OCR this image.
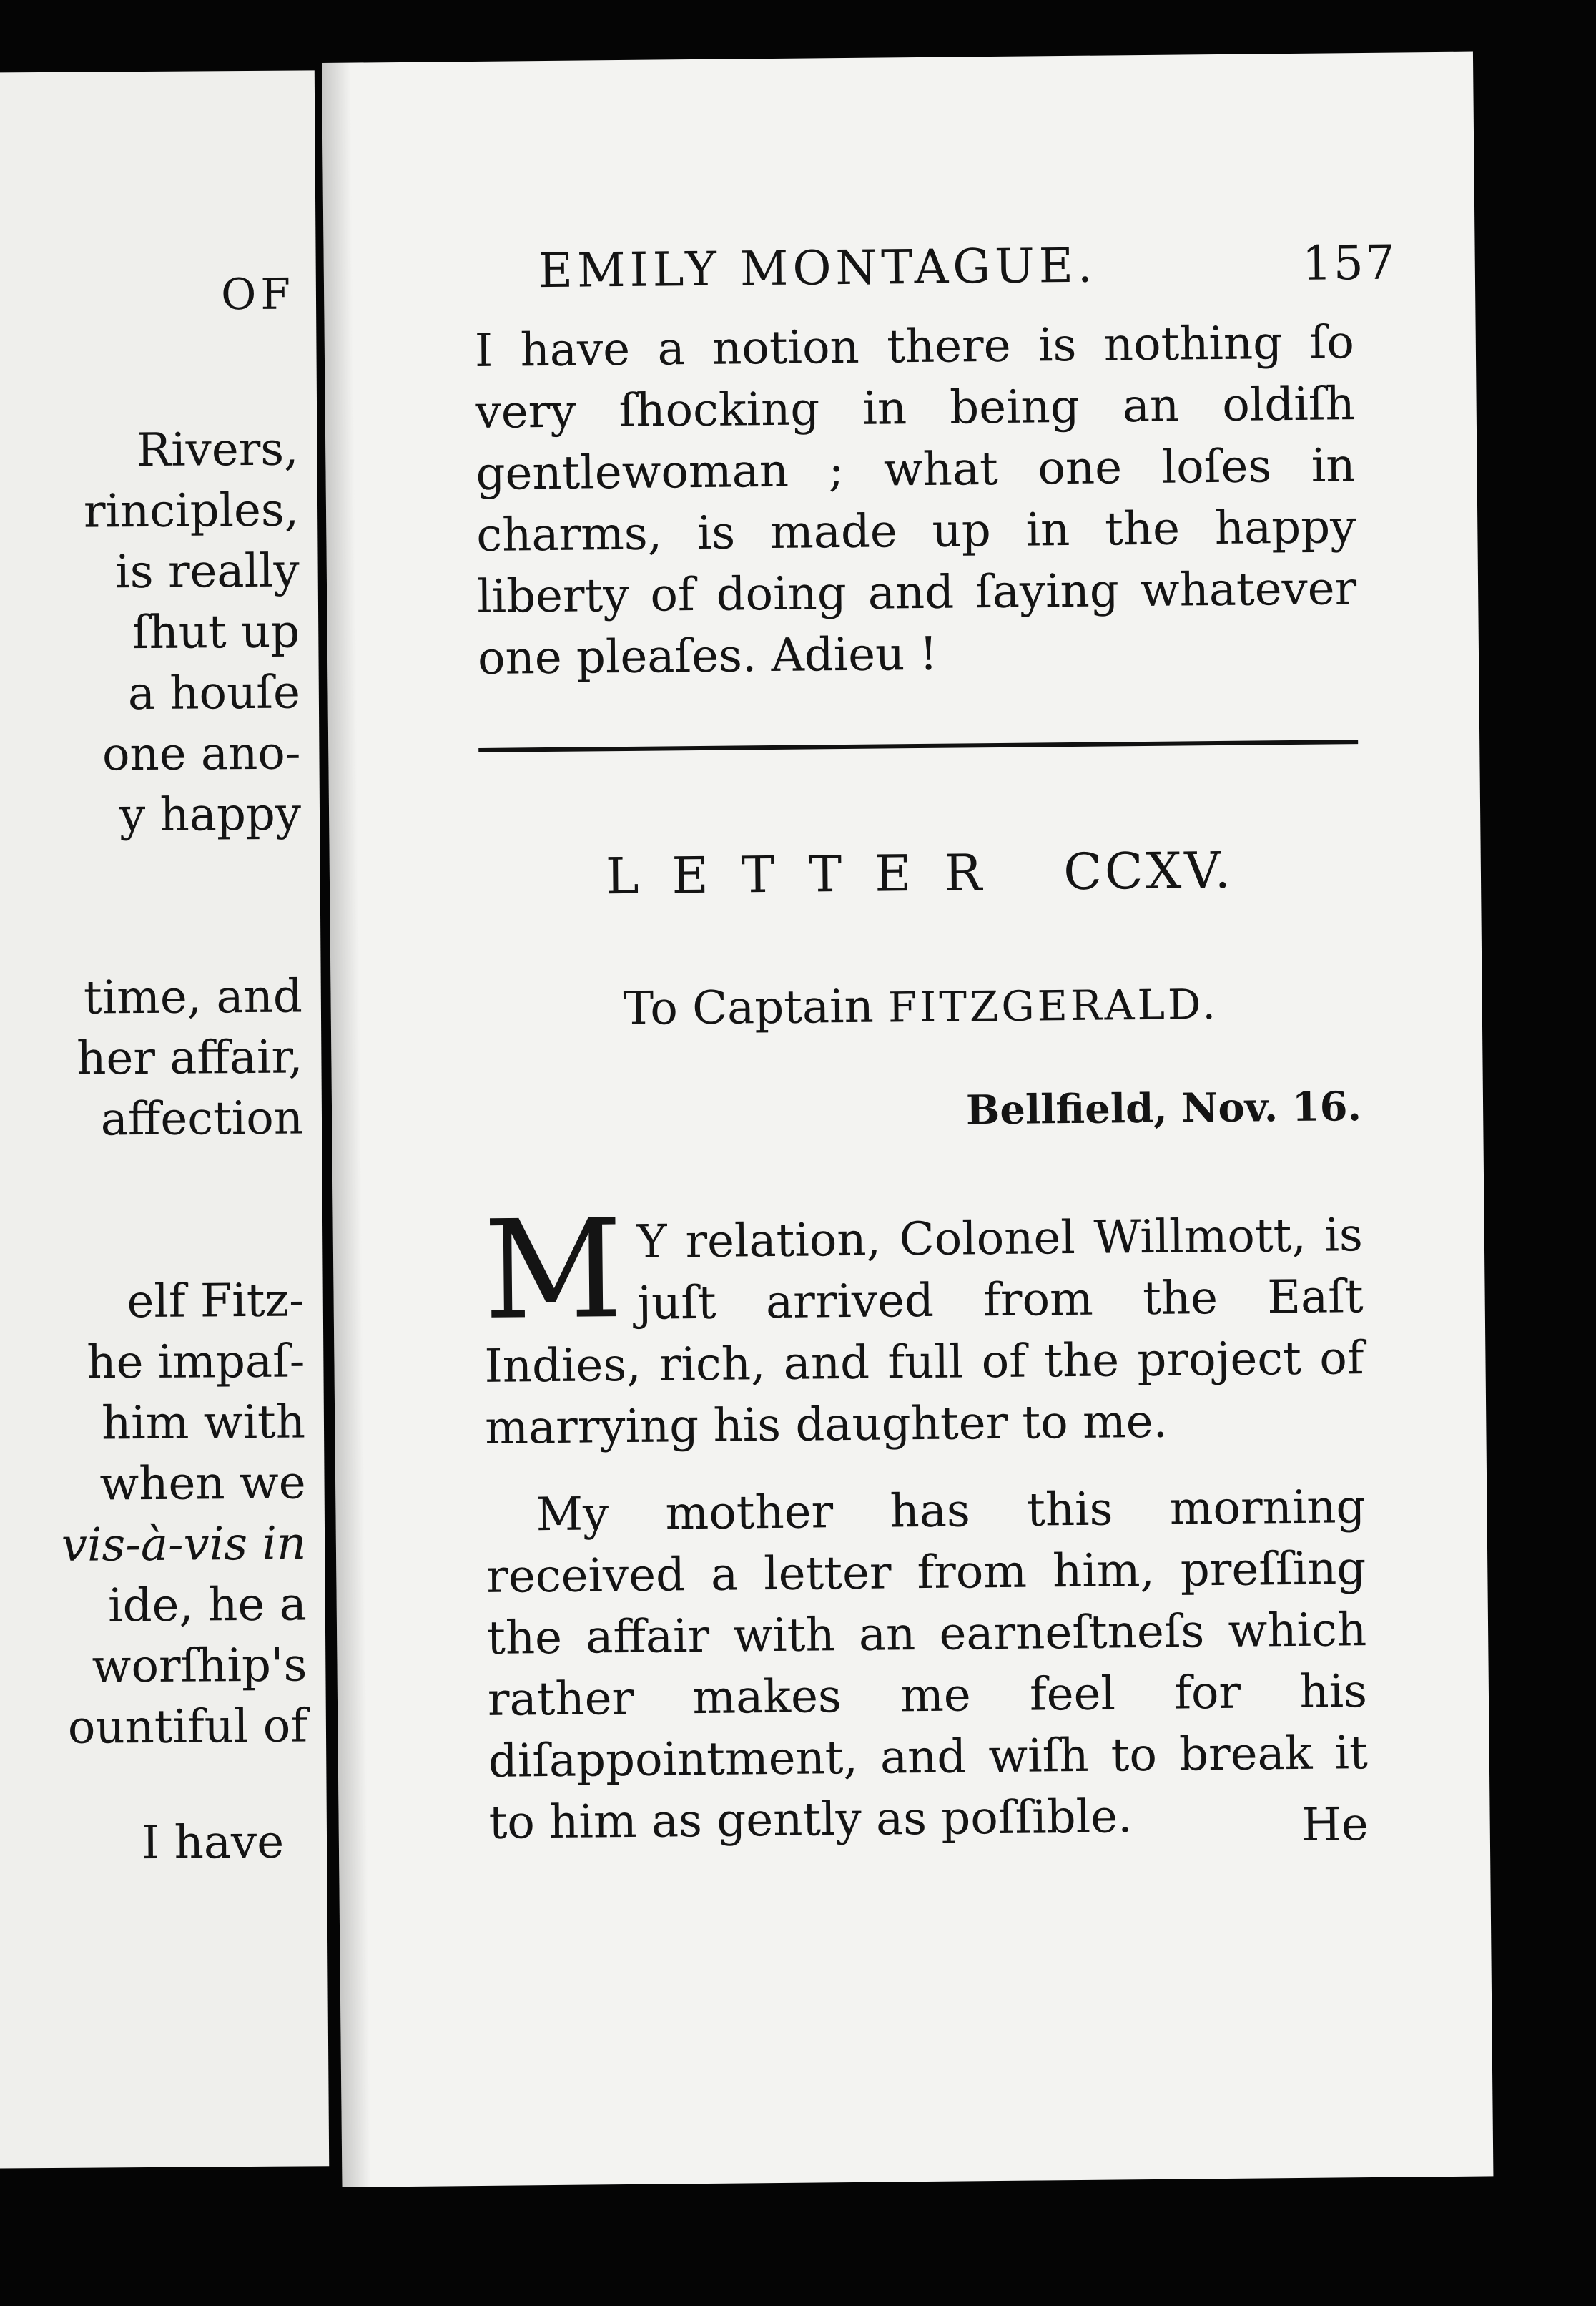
OF
Rivers,
rinciples,
is really
ſhut up
a houſe
one ano-
y happy

time, and
her affair,
affection

elf Fitz-
he impaſ-
him with
when we
vis-à-vis in
ide, he a
worſhip's
ountiful of
I have
EMILY MONTAGUE.	157
I have a notion there is nothing ſo very ſhocking in being an oldiſh gentlewoman ; what one loſes in charms, is made up in the happy liberty of doing and ſaying whatever one pleaſes. Adieu !
LETTER CCXV.
To Captain FITZGERALD.
Bellfield, Nov. 16.

M Y relation, Colonel Willmott, is juſt arrived from the Eaſt Indies, rich, and full of the project of marrying his daughter to me.

My mother has this morning received a letter from him, preſſing the affair with an earneſtneſs which rather makes me feel for his diſappointment, and wiſh to break it to him as gently as poſſible.	He
